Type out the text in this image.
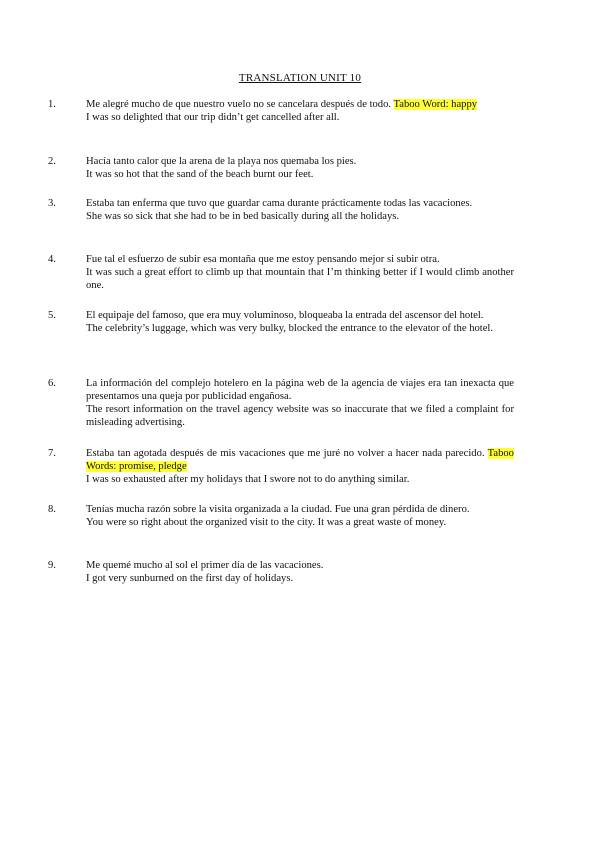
TRANSLATION UNIT 10
1.	Me alegré mucho de que nuestro vuelo no se cancelara después de todo. Taboo Word: happy
I was so delighted that our trip didn’t get cancelled after all.
2.	Hacía tanto calor que la arena de la playa nos quemaba los pies.
It was so hot that the sand of the beach burnt our feet.
3.	Estaba tan enferma que tuvo que guardar cama durante prácticamente todas las vacaciones.
She was so sick that she had to be in bed basically during all the holidays.
4.	Fue tal el esfuerzo de subir esa montaña que me estoy pensando mejor si subir otra.
It was such a great effort to climb up that mountain that I’m thinking better if I would climb another one.
5.	El equipaje del famoso, que era muy voluminoso, bloqueaba la entrada del ascensor del hotel.
The celebrity’s luggage, which was very bulky, blocked the entrance to the elevator of the hotel.
6.	La información del complejo hotelero en la página web de la agencia de viajes era tan inexacta que presentamos una queja por publicidad engañosa.
The resort information on the travel agency website was so inaccurate that we filed a complaint for misleading advertising.
7.	Estaba tan agotada después de mis vacaciones que me juré no volver a hacer nada parecido. Taboo Words: promise, pledge
I was so exhausted after my holidays that I swore not to do anything similar.
8.	Tenías mucha razón sobre la visita organizada a la ciudad. Fue una gran pérdida de dinero.
You were so right about the organized visit to the city. It was a great waste of money.
9.	Me quemé mucho al sol el primer día de las vacaciones.
I got very sunburned on the first day of holidays.
